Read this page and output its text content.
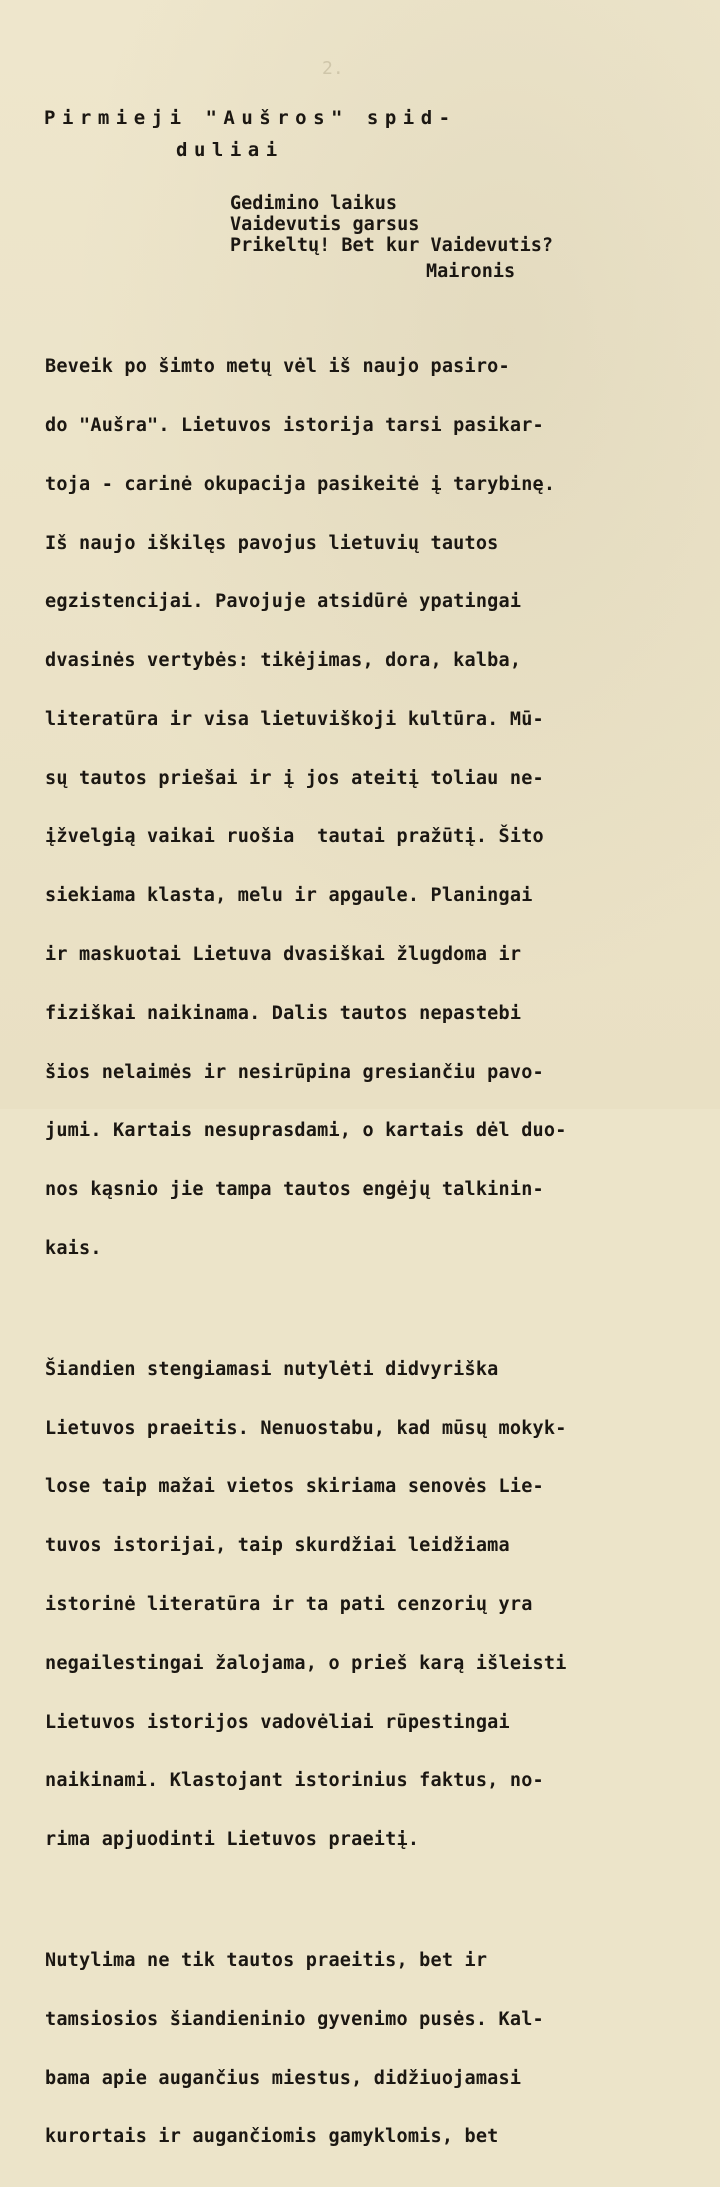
2.
Pirmieji "Aušros" spid-
duliai
Gedimino laikus
Vaidevutis garsus
Prikeltų! Bet kur Vaidevutis?
Maironis

Beveik po šimto metų vėl iš naujo pasiro-

do "Aušra". Lietuvos istorija tarsi pasikar-

toja - carinė okupacija pasikeitė į tarybinę.

Iš naujo iškilęs pavojus lietuvių tautos

egzistencijai. Pavojuje atsidūrė ypatingai

dvasinės vertybės: tikėjimas, dora, kalba,

literatūra ir visa lietuviškoji kultūra. Mū-

sų tautos priešai ir į jos ateitį toliau ne-

įžvelgią vaikai ruošia  tautai pražūtį. Šito

siekiama klasta, melu ir apgaule. Planingai

ir maskuotai Lietuva dvasiškai žlugdoma ir

fiziškai naikinama. Dalis tautos nepastebi

šios nelaimės ir nesirūpina gresiančiu pavo-

jumi. Kartais nesuprasdami, o kartais dėl duo-

nos kąsnio jie tampa tautos engėjų talkinin-

kais.

Šiandien stengiamasi nutylėti didvyriška

Lietuvos praeitis. Nenuostabu, kad mūsų mokyk-

lose taip mažai vietos skiriama senovės Lie-

tuvos istorijai, taip skurdžiai leidžiama

istorinė literatūra ir ta pati cenzorių yra

negailestingai žalojama, o prieš karą išleisti

Lietuvos istorijos vadovėliai rūpestingai

naikinami. Klastojant istorinius faktus, no-

rima apjuodinti Lietuvos praeitį.

Nutylima ne tik tautos praeitis, bet ir

tamsiosios šiandieninio gyvenimo pusės. Kal-

bama apie augančius miestus, didžiuojamasi

kurortais ir augančiomis gamyklomis, bet
